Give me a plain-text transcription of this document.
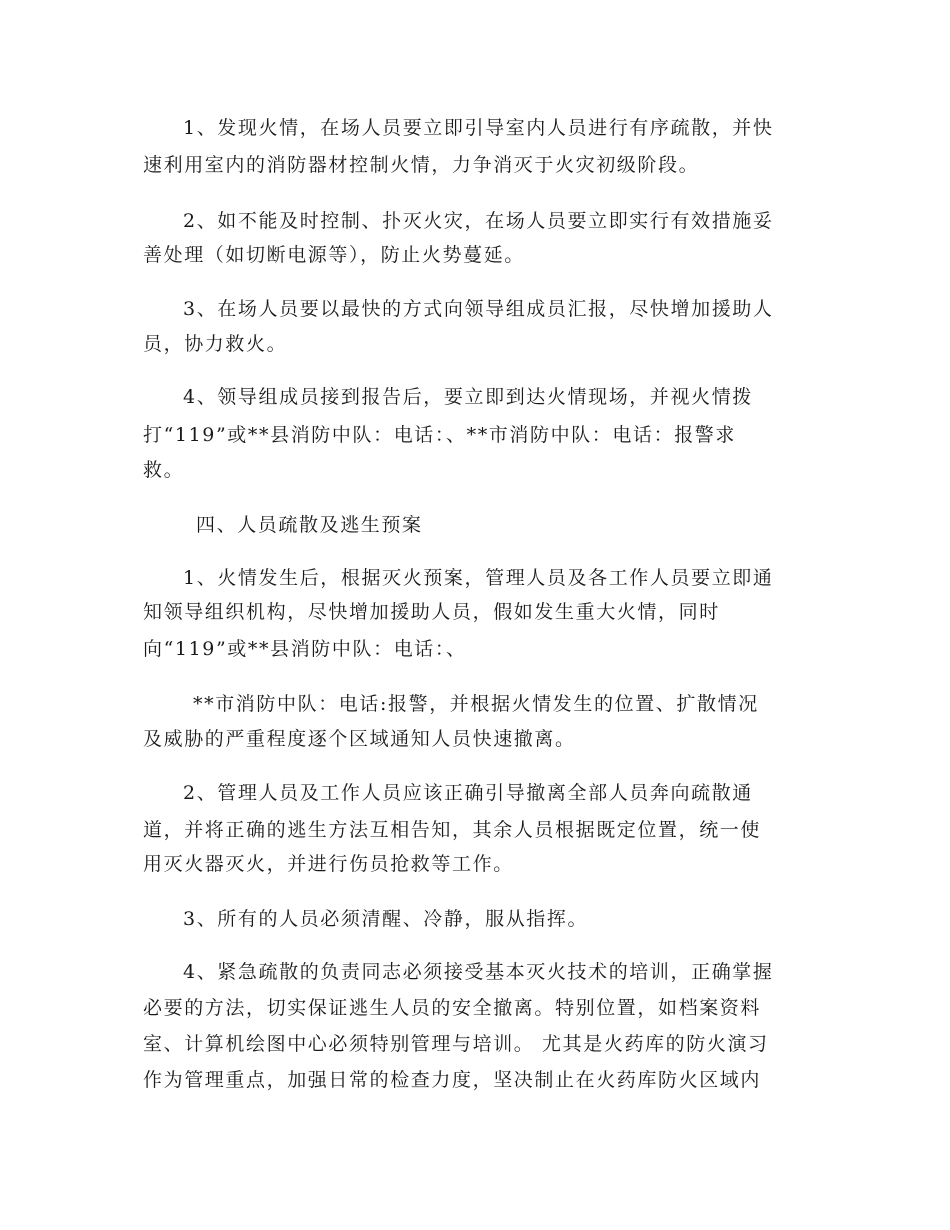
1、发现火情，在场人员要立即引导室内人员进行有序疏散，并快
速利用室内的消防器材控制火情，力争消灭于火灾初级阶段。
2、如不能及时控制、扑灭火灾，在场人员要立即实行有效措施妥
善处理（如切断电源等），防止火势蔓延。
3、在场人员要以最快的方式向领导组成员汇报，尽快增加援助人
员，协力救火。
4、领导组成员接到报告后，要立即到达火情现场，并视火情拨
打“119”或**县消防中队：电话：、**市消防中队：电话：报警求
救。
四、人员疏散及逃生预案
1、火情发生后，根据灭火预案，管理人员及各工作人员要立即通
知领导组织机构，尽快增加援助人员，假如发生重大火情，同时
向“119”或**县消防中队：电话：、
**市消防中队：电话:报警，并根据火情发生的位置、扩散情况
及威胁的严重程度逐个区域通知人员快速撤离。
2、管理人员及工作人员应该正确引导撤离全部人员奔向疏散通
道，并将正确的逃生方法互相告知，其余人员根据既定位置，统一使
用灭火器灭火，并进行伤员抢救等工作。
3、所有的人员必须清醒、冷静，服从指挥。
4、紧急疏散的负责同志必须接受基本灭火技术的培训，正确掌握
必要的方法，切实保证逃生人员的安全撤离。特别位置，如档案资料
室、计算机绘图中心必须特别管理与培训。 尤其是火药库的防火演习
作为管理重点，加强日常的检查力度，坚决制止在火药库防火区域内
